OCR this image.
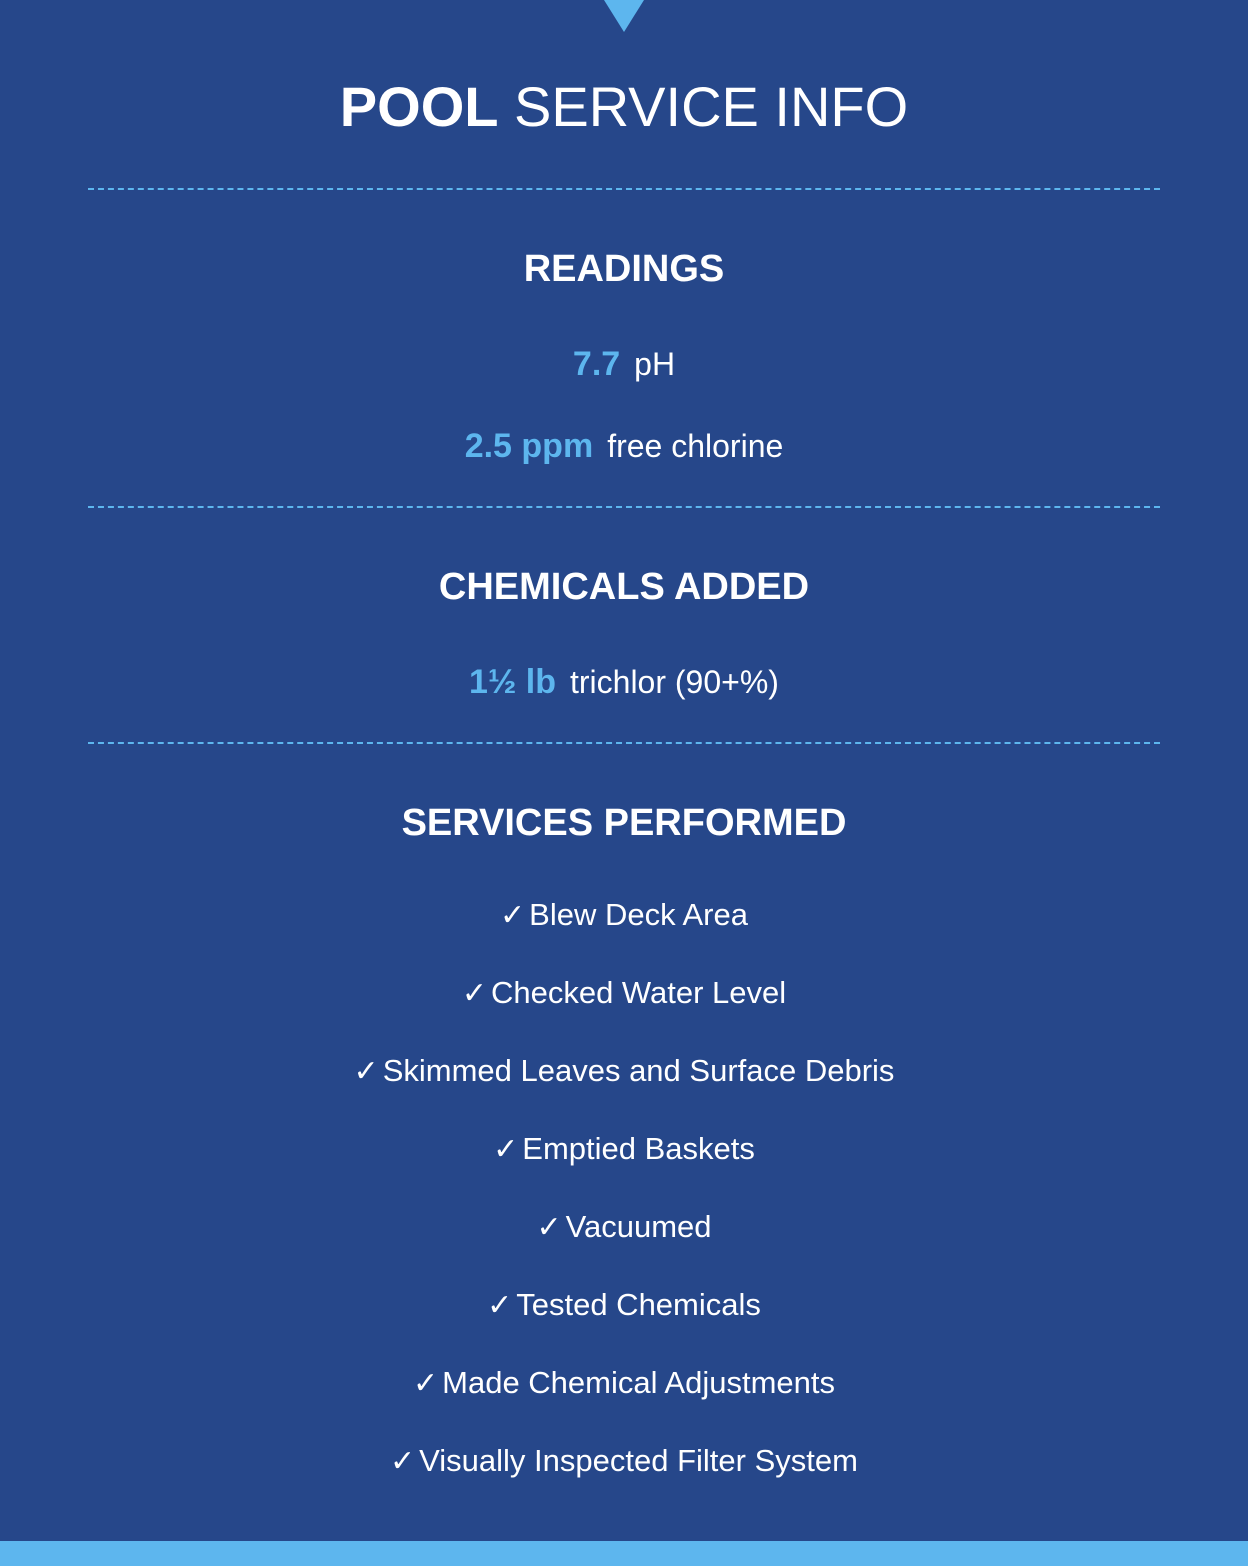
POOL SERVICE INFO
READINGS
7.7 pH
2.5 ppm free chlorine
CHEMICALS ADDED
1½ lb trichlor (90+%)
SERVICES PERFORMED
✓ Blew Deck Area
✓ Checked Water Level
✓ Skimmed Leaves and Surface Debris
✓ Emptied Baskets
✓ Vacuumed
✓ Tested Chemicals
✓ Made Chemical Adjustments
✓ Visually Inspected Filter System
